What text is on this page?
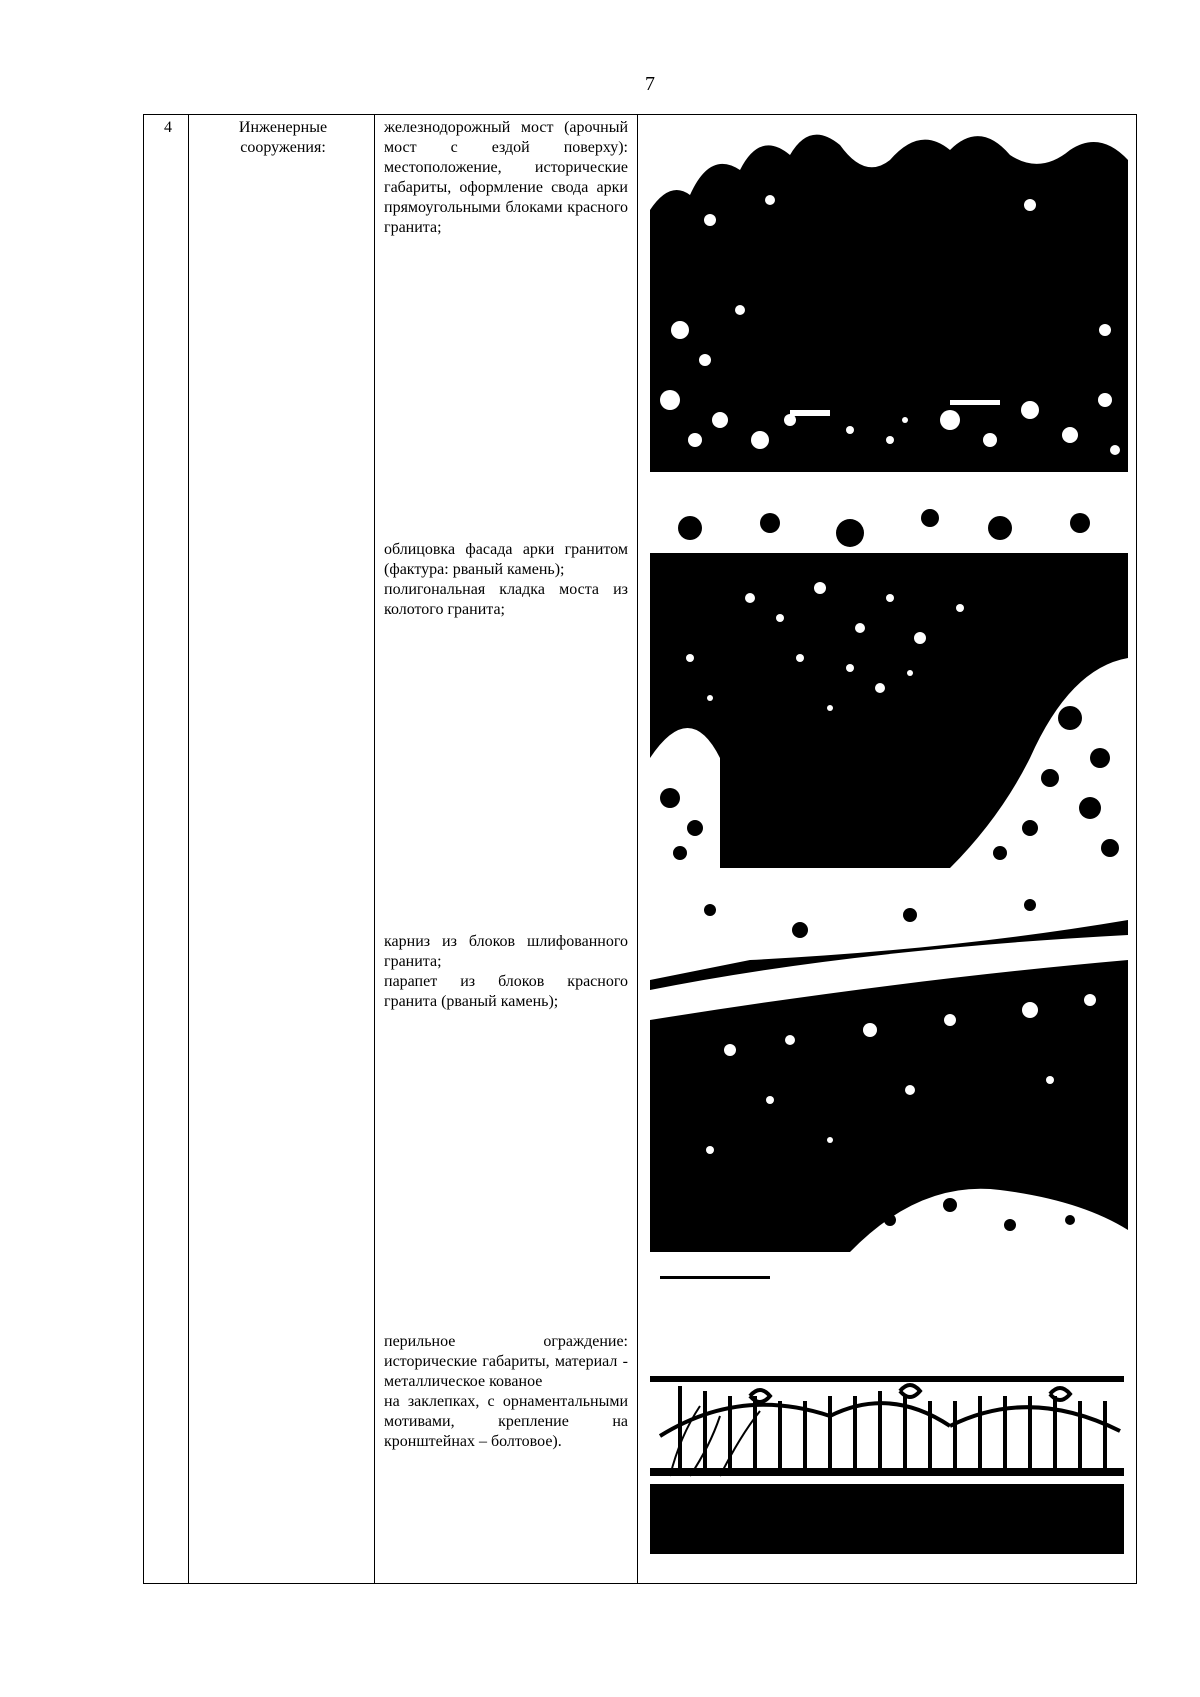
7
4	Инженерные сооружения:

железнодорожный мост (арочный мост с ездой поверху): местоположение, исторические габариты, оформление свода арки прямоугольными блоками красного гранита;

облицовка фасада арки гранитом (фактура: рваный камень);

полигональная кладка моста из колотого гранита;

карниз из блоков шлифованного гранита;

парапет из блоков красного гранита (рваный камень);

перильное ограждение: исторические габариты, материал - металлическое кованое

на заклепках, с орнаментальными мотивами, крепление на кронштейнах – болтовое).
